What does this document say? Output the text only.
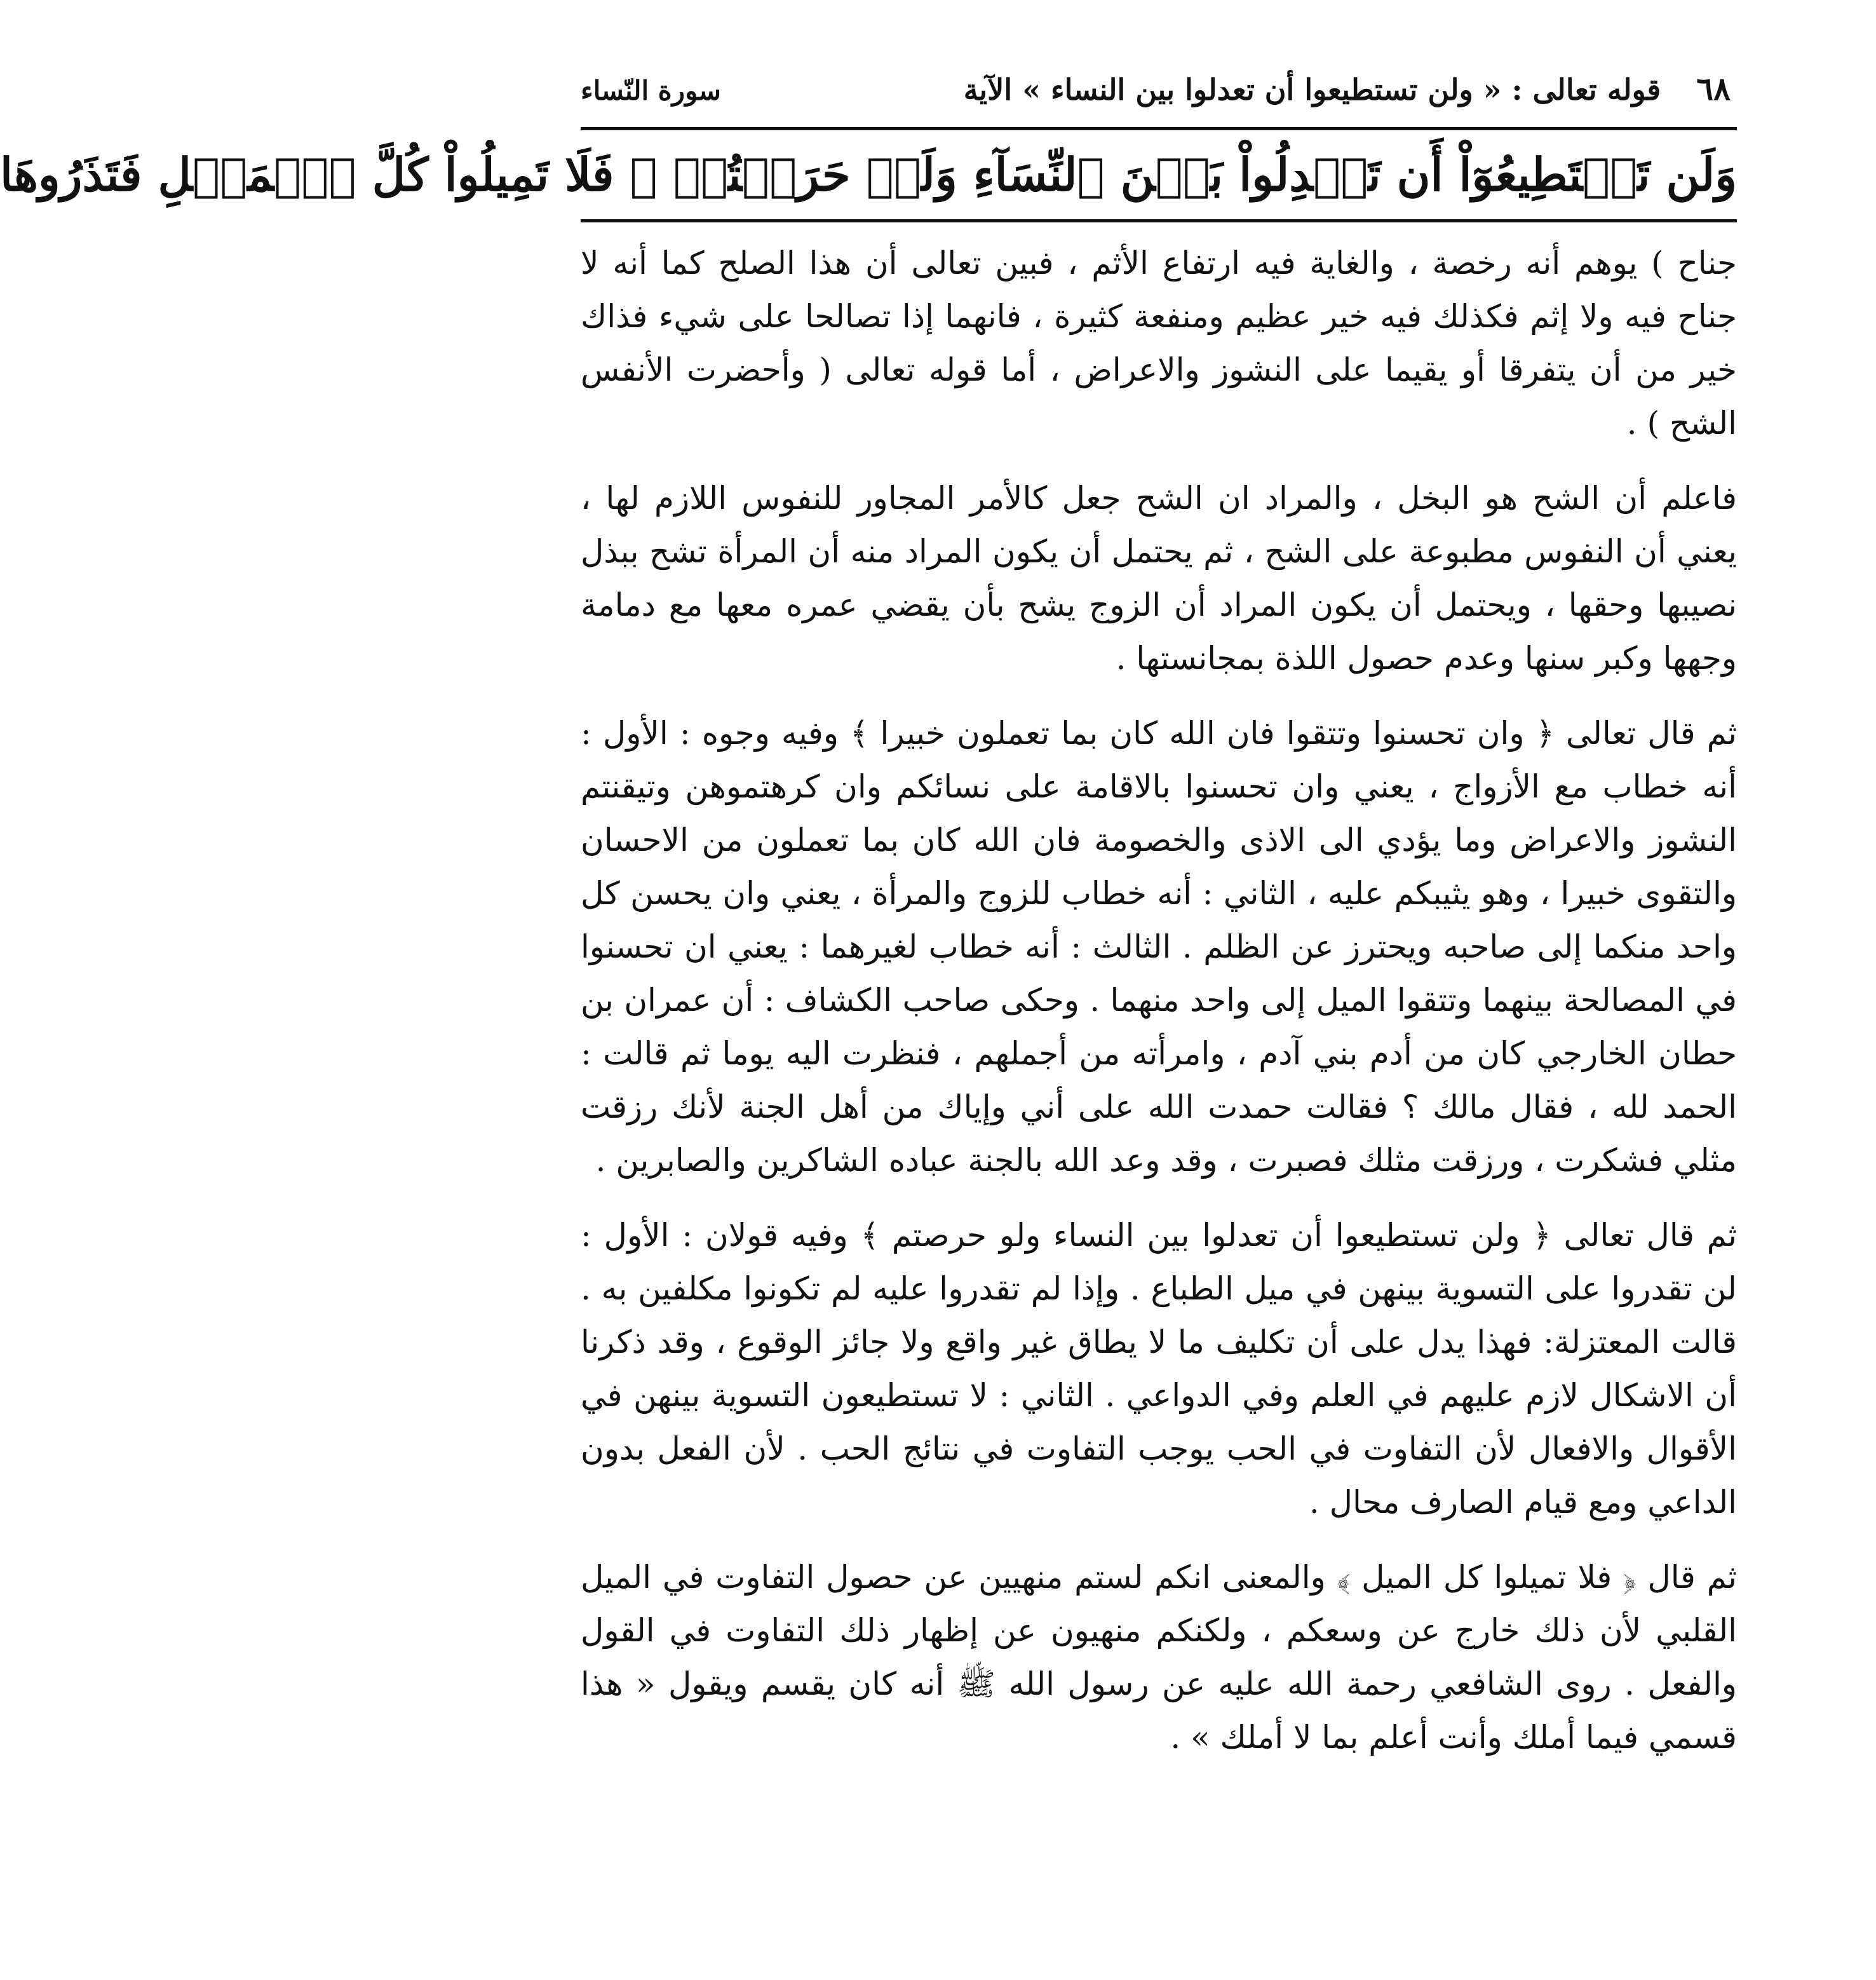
٦٨
قوله تعالى : « ولن تستطيعوا أن تعدلوا بين النساء » الآية
سورة النّساء
وَلَن تَسۡتَطِيعُوٓاْ أَن تَعۡدِلُواْ بَيۡنَ ٱلنِّسَآءِ وَلَوۡ حَرَصۡتُمۡ ۖ فَلَا تَمِيلُواْ كُلَّ ٱلۡمَيۡلِ فَتَذَرُوهَا

جناح ) يوهم أنه رخصة ، والغاية فيه ارتفاع الأثم ، فبين تعالى أن هذا الصلح كما أنه لا جناح فيه ولا إثم فكذلك فيه خير عظيم ومنفعة كثيرة ، فانهما إذا تصالحا على شيء فذاك خير من أن يتفرقا أو يقيما على النشوز والاعراض ، أما قوله تعالى ( وأحضرت الأنفس الشح ) .

فاعلم أن الشح هو البخل ، والمراد ان الشح جعل كالأمر المجاور للنفوس اللازم لها ، يعني أن النفوس مطبوعة على الشح ، ثم يحتمل أن يكون المراد منه أن المرأة تشح ببذل نصيبها وحقها ، ويحتمل أن يكون المراد أن الزوج يشح بأن يقضي عمره معها مع دمامة وجهها وكبر سنها وعدم حصول اللذة بمجانستها .

ثم قال تعالى ﴿ وان تحسنوا وتتقوا فان الله كان بما تعملون خبيرا ﴾ وفيه وجوه : الأول : أنه خطاب مع الأزواج ، يعني وان تحسنوا بالاقامة على نسائكم وان كرهتموهن وتيقنتم النشوز والاعراض وما يؤدي الى الاذى والخصومة فان الله كان بما تعملون من الاحسان والتقوى خبيرا ، وهو يثيبكم عليه ، الثاني : أنه خطاب للزوج والمرأة ، يعني وان يحسن كل واحد منكما إلى صاحبه ويحترز عن الظلم . الثالث : أنه خطاب لغيرهما : يعني ان تحسنوا في المصالحة بينهما وتتقوا الميل إلى واحد منهما . وحكى صاحب الكشاف : أن عمران بن حطان الخارجي كان من أدم بني آدم ، وامرأته من أجملهم ، فنظرت اليه يوما ثم قالت : الحمد لله ، فقال مالك ؟ فقالت حمدت الله على أني وإياك من أهل الجنة لأنك رزقت مثلي فشكرت ، ورزقت مثلك فصبرت ، وقد وعد الله بالجنة عباده الشاكرين والصابرين .

ثم قال تعالى ﴿ ولن تستطيعوا أن تعدلوا بين النساء ولو حرصتم ﴾ وفيه قولان : الأول : لن تقدروا على التسوية بينهن في ميل الطباع . وإذا لم تقدروا عليه لم تكونوا مكلفين به . قالت المعتزلة: فهذا يدل على أن تكليف ما لا يطاق غير واقع ولا جائز الوقوع ، وقد ذكرنا أن الاشكال لازم عليهم في العلم وفي الدواعي . الثاني : لا تستطيعون التسوية بينهن في الأقوال والافعال لأن التفاوت في الحب يوجب التفاوت في نتائج الحب . لأن الفعل بدون الداعي ومع قيام الصارف محال .

ثم قال ﴿ فلا تميلوا كل الميل ﴾ والمعنى انكم لستم منهيين عن حصول التفاوت في الميل القلبي لأن ذلك خارج عن وسعكم ، ولكنكم منهيون عن إظهار ذلك التفاوت في القول والفعل . روى الشافعي رحمة الله عليه عن رسول الله ﷺ أنه كان يقسم ويقول « هذا قسمي فيما أملك وأنت أعلم بما لا أملك » .
